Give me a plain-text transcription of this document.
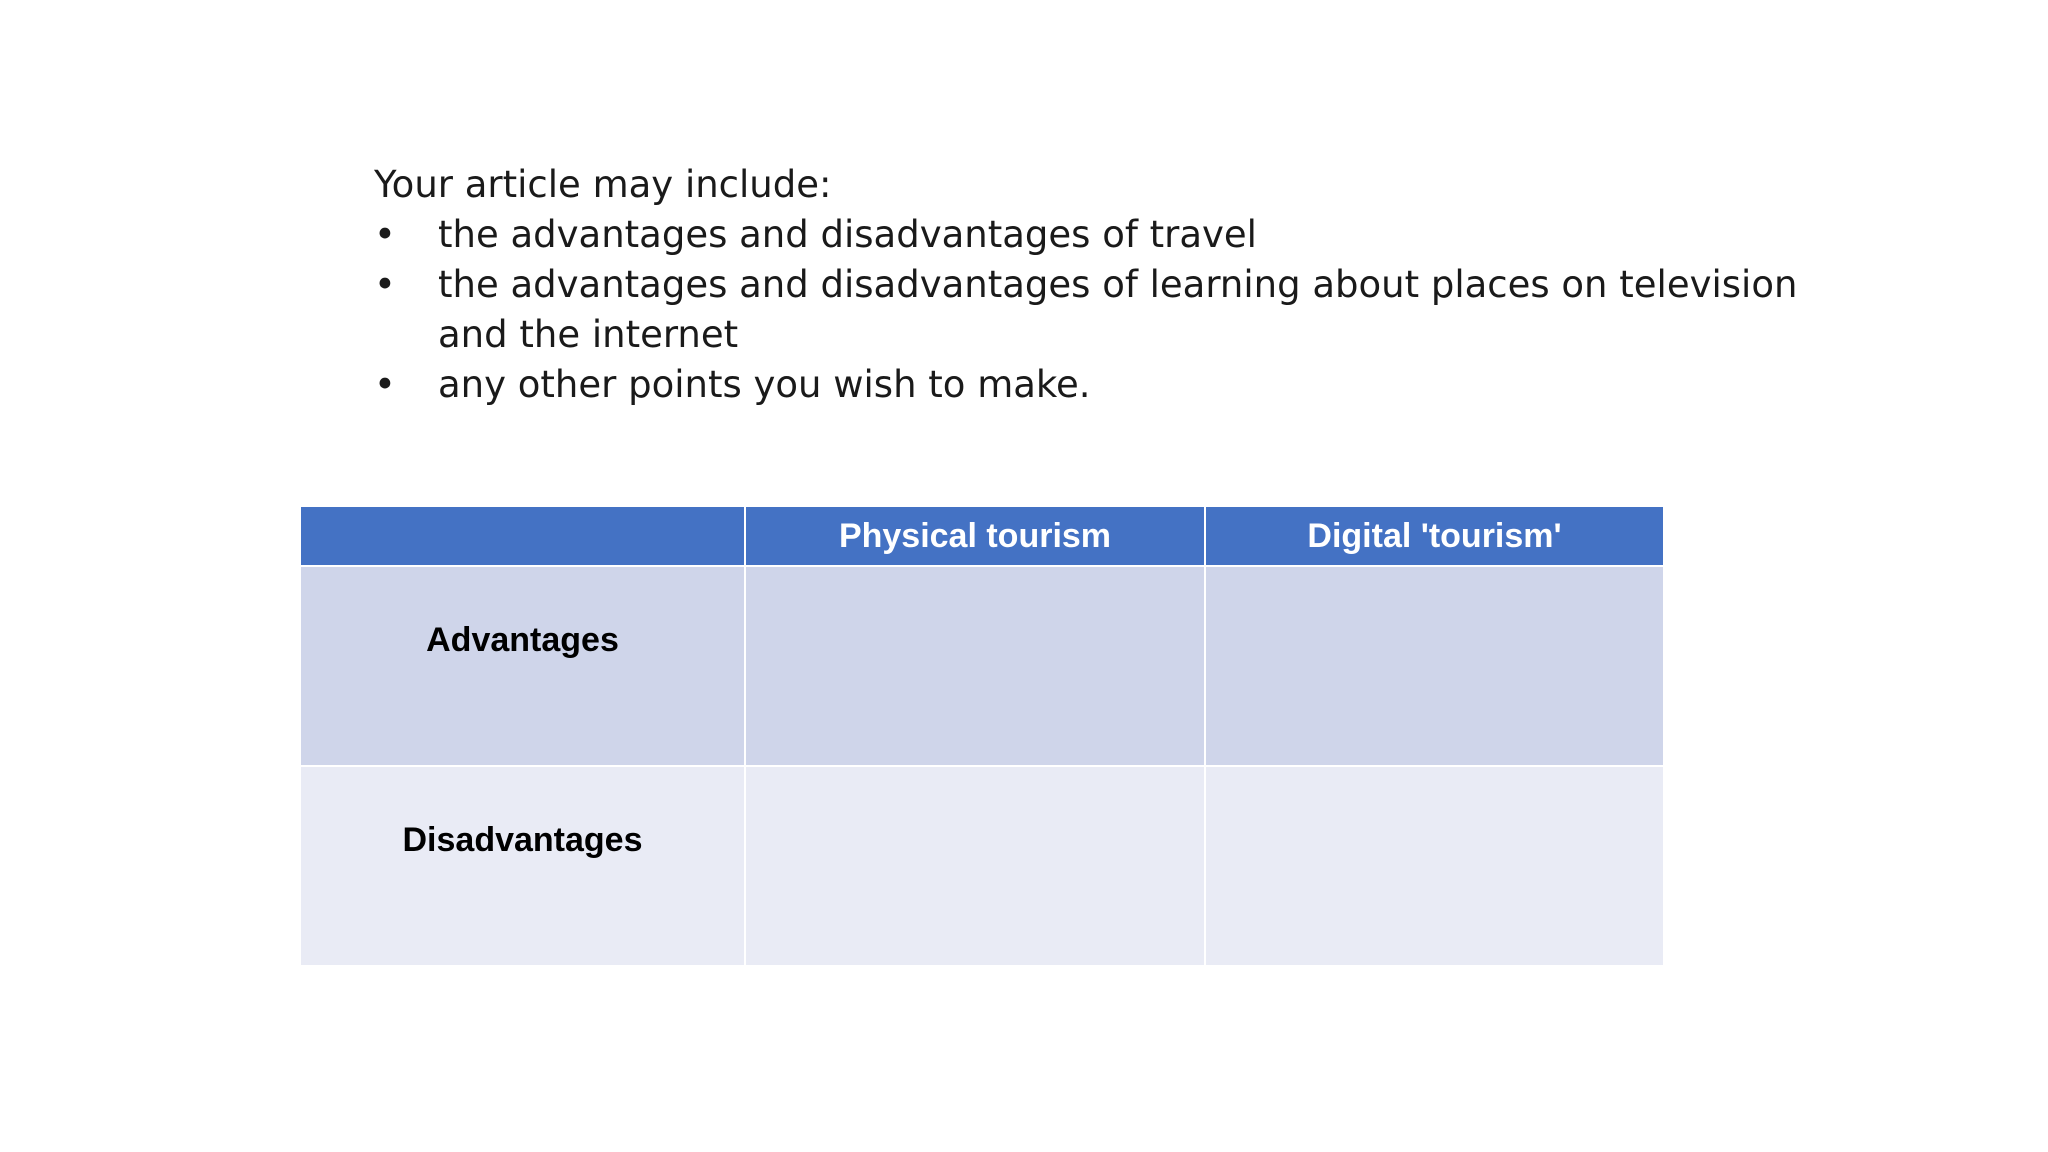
Your article may include:

• the advantages and disadvantages of travel
• the advantages and disadvantages of learning about places on television and the internet
• any other points you wish to make.
	Physical tourism	Digital 'tourism'
Advantages		
Disadvantages		
